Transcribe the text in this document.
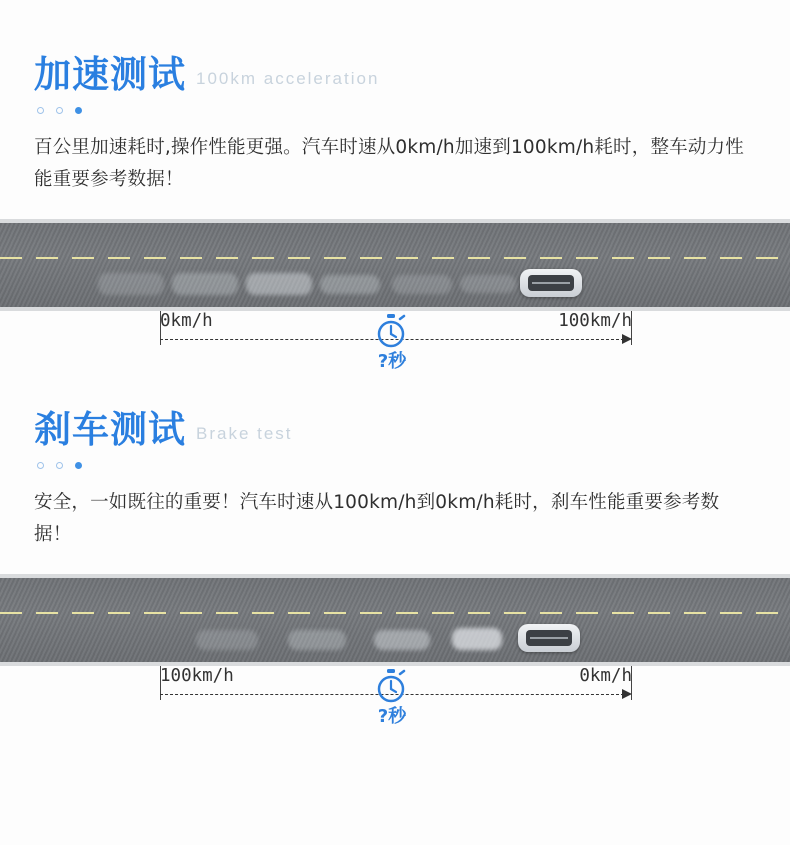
加速测试 100km acceleration
百公里加速耗时,操作性能更强。汽车时速从0km/h加速到100km/h耗时，整车动力性能重要参考数据！
0km/h	100km/h
?秒
刹车测试 Brake test
安全，一如既往的重要！汽车时速从100km/h到0km/h耗时，刹车性能重要参考数据！
100km/h	0km/h
?秒
